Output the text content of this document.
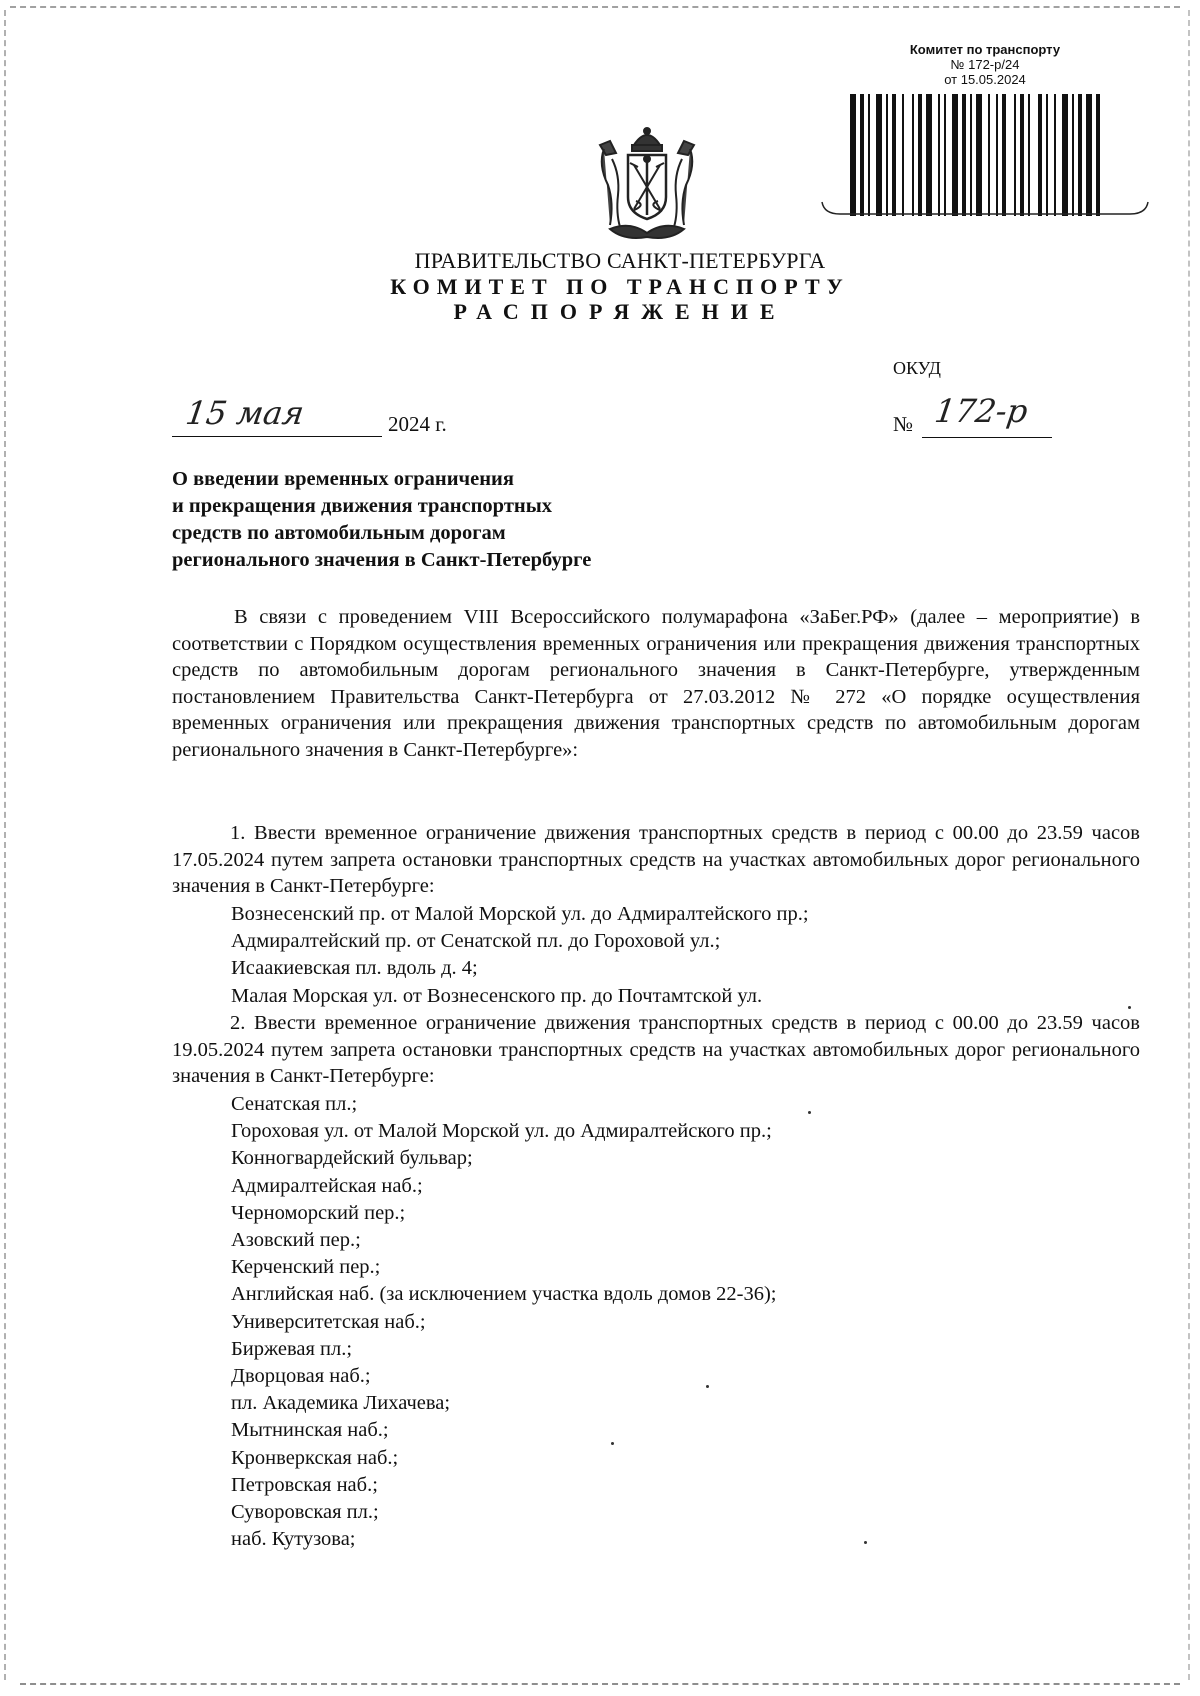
Комитет по транспорту
№ 172-р/24
от 15.05.2024
ПРАВИТЕЛЬСТВО САНКТ-ПЕТЕРБУРГА
КОМИТЕТ ПО ТРАНСПОРТУ
РАСПОРЯЖЕНИЕ
ОКУД
15 мая	2024 г.	№ 172-р
О введении временных ограничения
и прекращения движения транспортных
средств по автомобильным дорогам
регионального значения в Санкт-Петербурге

В связи с проведением VIII Всероссийского полумарафона «ЗаБег.РФ» (далее – мероприятие) в соответствии с Порядком осуществления временных ограничения или прекращения движения транспортных средств по автомобильным дорогам регионального значения в Санкт-Петербурге, утвержденным постановлением Правительства Санкт-Петербурга от 27.03.2012 № 272 «О порядке осуществления временных ограничения или прекращения движения транспортных средств по автомобильным дорогам регионального значения в Санкт-Петербурге»:

1. Ввести временное ограничение движения транспортных средств в период с 00.00 до 23.59 часов 17.05.2024 путем запрета остановки транспортных средств на участках автомобильных дорог регионального значения в Санкт-Петербурге:

Вознесенский пр. от Малой Морской ул. до Адмиралтейского пр.;
Адмиралтейский пр. от Сенатской пл. до Гороховой ул.;
Исаакиевская пл. вдоль д. 4;
Малая Морская ул. от Вознесенского пр. до Почтамтской ул.

2. Ввести временное ограничение движения транспортных средств в период с 00.00 до 23.59 часов 19.05.2024 путем запрета остановки транспортных средств на участках автомобильных дорог регионального значения в Санкт-Петербурге:

Сенатская пл.;
Гороховая ул. от Малой Морской ул. до Адмиралтейского пр.;
Конногвардейский бульвар;
Адмиралтейская наб.;
Черноморский пер.;
Азовский пер.;
Керченский пер.;
Английская наб. (за исключением участка вдоль домов 22-36);
Университетская наб.;
Биржевая пл.;
Дворцовая наб.;
пл. Академика Лихачева;
Мытнинская наб.;
Кронверкская наб.;
Петровская наб.;
Суворовская пл.;
наб. Кутузова;
